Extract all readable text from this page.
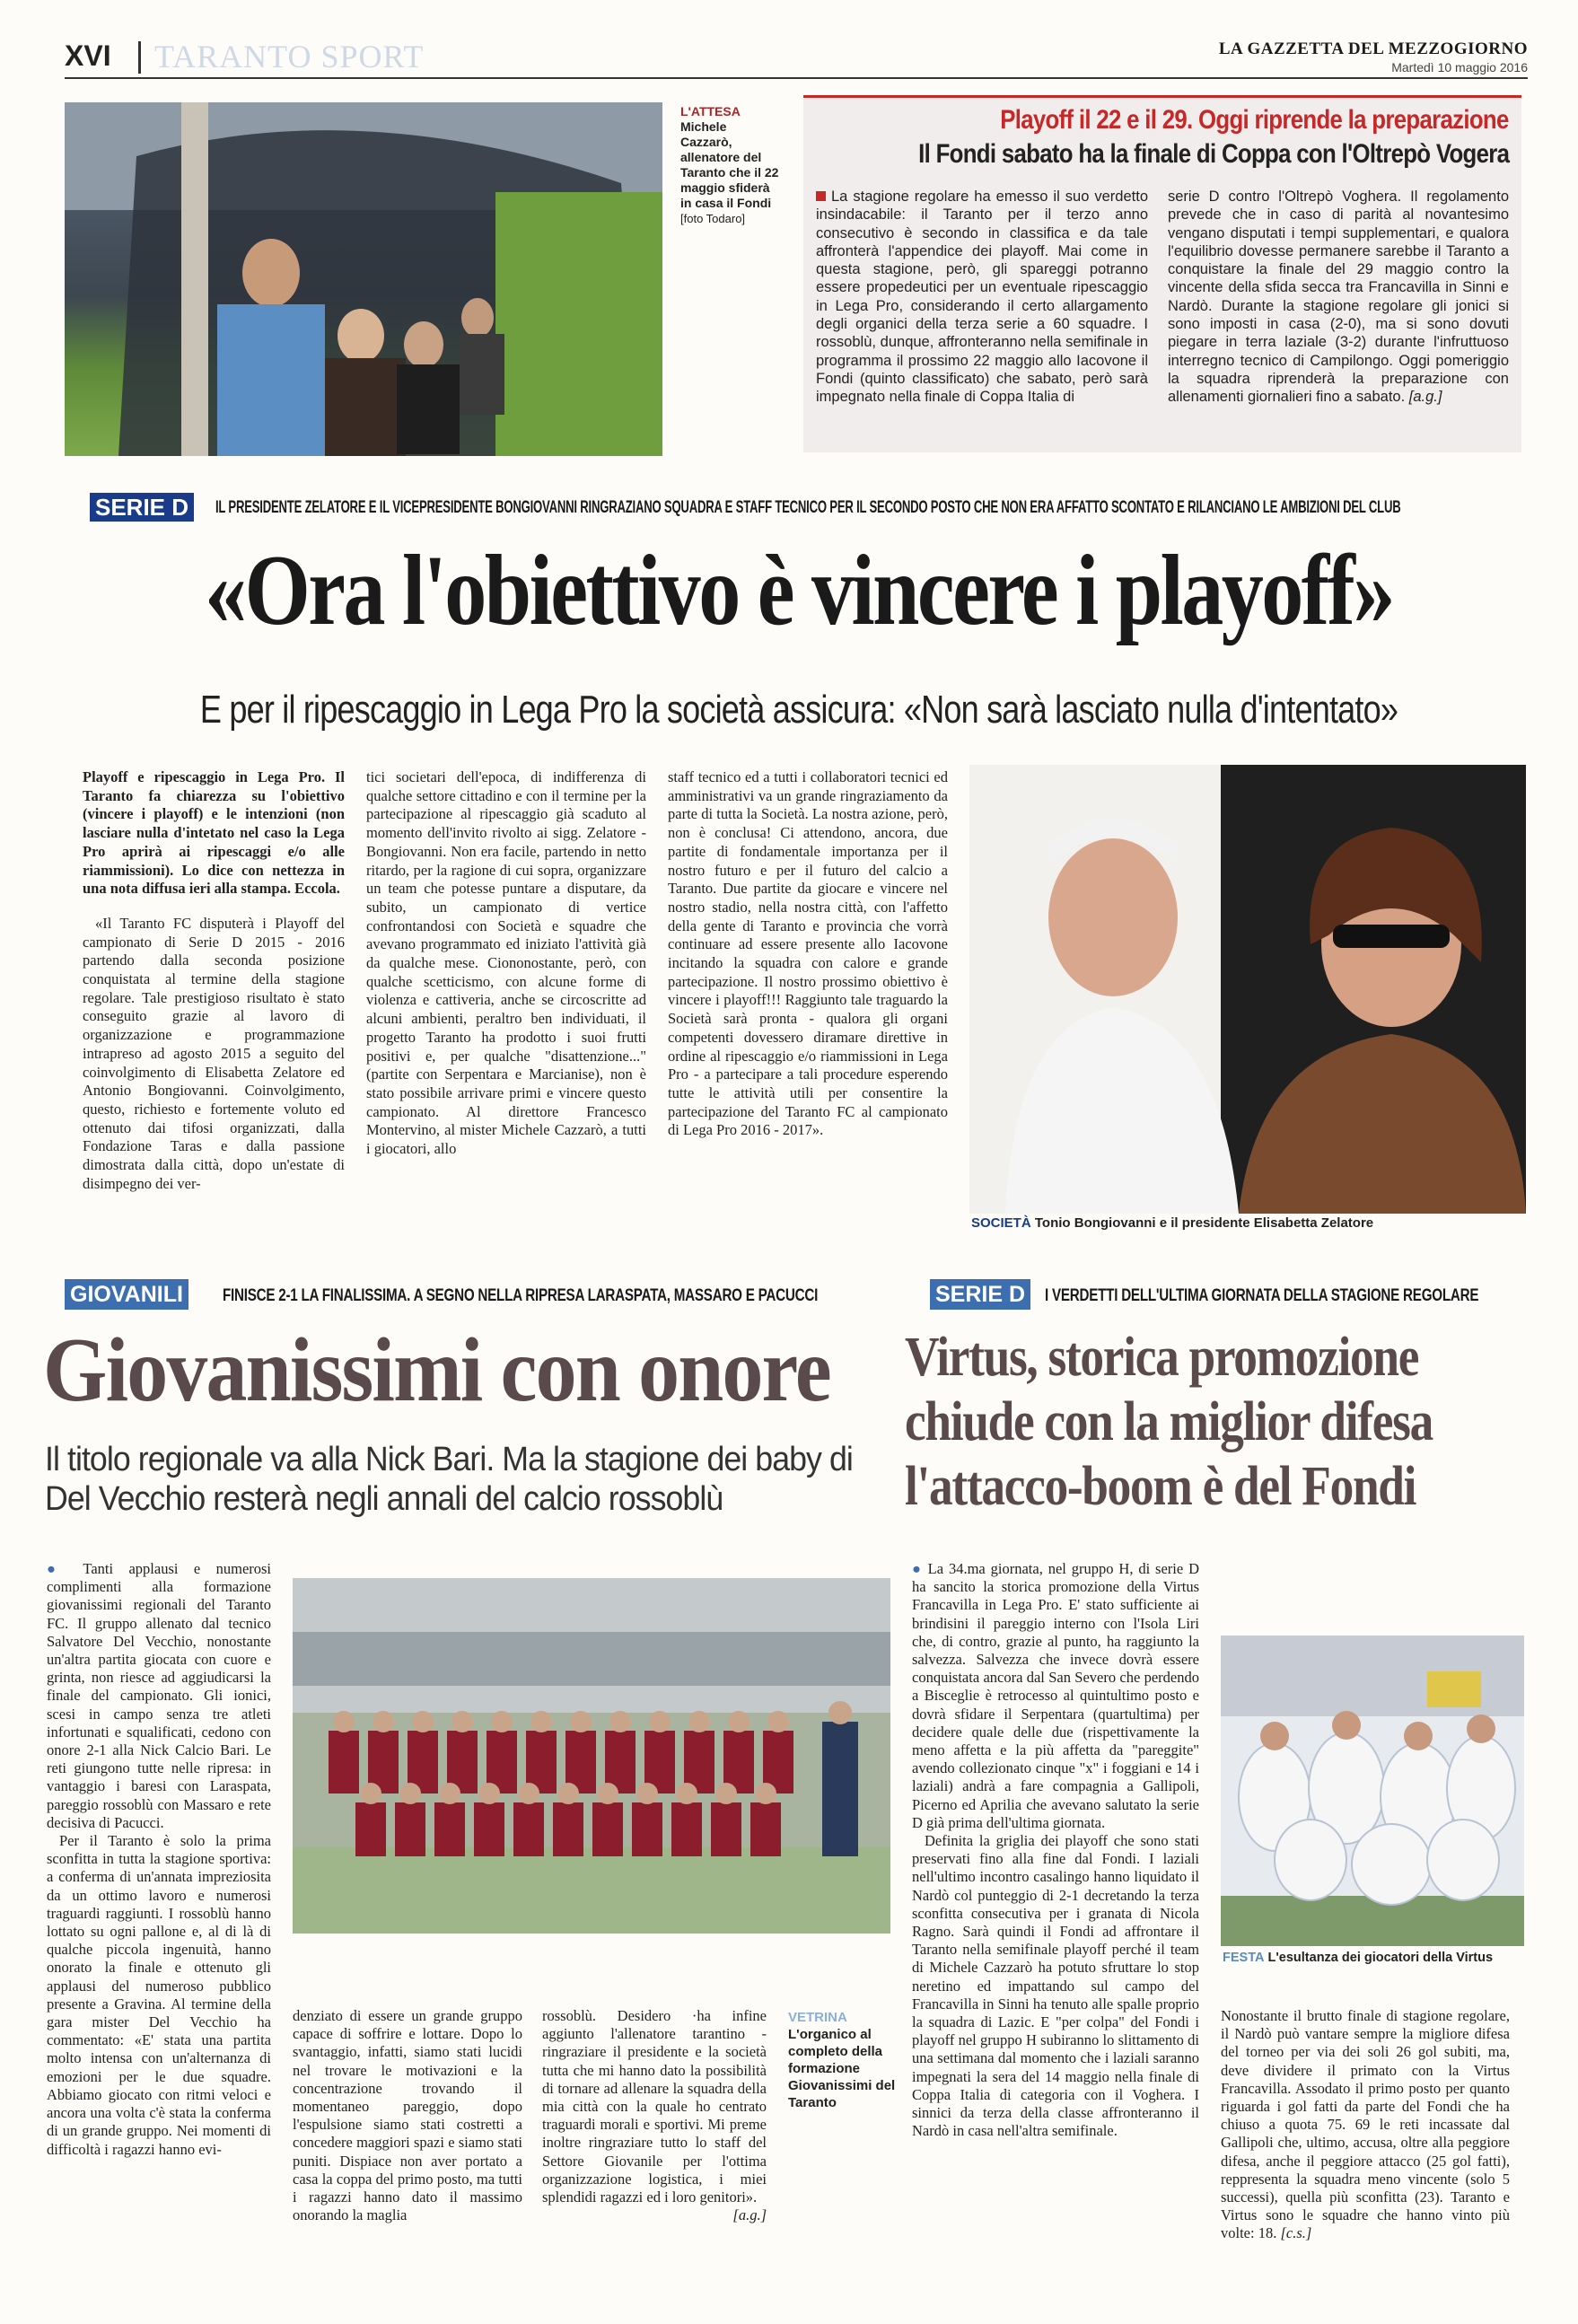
XVI TARANTO SPORT	LA GAZZETTA DEL MEZZOGIORNO
Martedì 10 maggio 2016
L'ATTESA
Michele Cazzarò, allenatore del Taranto che il 22 maggio sfiderà in casa il Fondi
[foto Todaro]
Playoff il 22 e il 29. Oggi riprende la preparazione
Il Fondi sabato ha la finale di Coppa con l'Oltrepò Vogera

La stagione regolare ha emesso il suo verdetto insindacabile: il Taranto per il terzo anno consecutivo è secondo in classifica e da tale affronterà l'appendice dei playoff. Mai come in questa stagione, però, gli spareggi potranno essere propedeutici per un eventuale ripescaggio in Lega Pro, considerando il certo allargamento degli organici della terza serie a 60 squadre. I rossoblù, dunque, affronteranno nella semifinale in programma il prossimo 22 maggio allo Iacovone il Fondi (quinto classificato) che sabato, però sarà impegnato nella finale di Coppa Italia di

serie D contro l'Oltrepò Voghera. Il regolamento prevede che in caso di parità al novantesimo vengano disputati i tempi supplementari, e qualora l'equilibrio dovesse permanere sarebbe il Taranto a conquistare la finale del 29 maggio contro la vincente della sfida secca tra Francavilla in Sinni e Nardò. Durante la stagione regolare gli jonici si sono imposti in casa (2-0), ma si sono dovuti piegare in terra laziale (3-2) durante l'infruttuoso interregno tecnico di Campilongo. Oggi pomeriggio la squadra riprenderà la preparazione con allenamenti giornalieri fino a sabato. [a.g.]

SERIE D IL PRESIDENTE ZELATORE E IL VICEPRESIDENTE BONGIOVANNI RINGRAZIANO SQUADRA E STAFF TECNICO PER IL SECONDO POSTO CHE NON ERA AFFATTO SCONTATO E RILANCIANO LE AMBIZIONI DEL CLUB
«Ora l'obiettivo è vincere i playoff»
E per il ripescaggio in Lega Pro la società assicura: «Non sarà lasciato nulla d'intentato»

Playoff e ripescaggio in Lega Pro. Il Taranto fa chiarezza su l'obiettivo (vincere i playoff) e le intenzioni (non lasciare nulla d'intetato nel caso la Lega Pro aprirà ai ripescaggi e/o alle riammissioni). Lo dice con nettezza in una nota diffusa ieri alla stampa. Eccola.

«Il Taranto FC disputerà i Playoff del campionato di Serie D 2015 - 2016 partendo dalla seconda posizione conquistata al termine della stagione regolare. Tale prestigioso risultato è stato conseguito grazie al lavoro di organizzazione e programmazione intrapreso ad agosto 2015 a seguito del coinvolgimento di Elisabetta Zelatore ed Antonio Bongiovanni. Coinvolgimento, questo, richiesto e fortemente voluto ed ottenuto dai tifosi organizzati, dalla Fondazione Taras e dalla passione dimostrata dalla città, dopo un'estate di disimpegno dei ver-

tici societari dell'epoca, di indifferenza di qualche settore cittadino e con il termine per la partecipazione al ripescaggio già scaduto al momento dell'invito rivolto ai sigg. Zelatore - Bongiovanni. Non era facile, partendo in netto ritardo, per la ragione di cui sopra, organizzare un team che potesse puntare a disputare, da subito, un campionato di vertice confrontandosi con Società e squadre che avevano programmato ed iniziato l'attività già da qualche mese. Ciononostante, però, con qualche scetticismo, con alcune forme di violenza e cattiveria, anche se circoscritte ad alcuni ambienti, peraltro ben individuati, il progetto Taranto ha prodotto i suoi frutti positivi e, per qualche "disattenzione..." (partite con Serpentara e Marcianise), non è stato possibile arrivare primi e vincere questo campionato. Al direttore Francesco Montervino, al mister Michele Cazzarò, a tutti i giocatori, allo

staff tecnico ed a tutti i collaboratori tecnici ed amministrativi va un grande ringraziamento da parte di tutta la Società. La nostra azione, però, non è conclusa! Ci attendono, ancora, due partite di fondamentale importanza per il nostro futuro e per il futuro del calcio a Taranto. Due partite da giocare e vincere nel nostro stadio, nella nostra città, con l'affetto della gente di Taranto e provincia che vorrà continuare ad essere presente allo Iacovone incitando la squadra con calore e grande partecipazione. Il nostro prossimo obiettivo è vincere i playoff!!! Raggiunto tale traguardo la Società sarà pronta - qualora gli organi competenti dovessero diramare direttive in ordine al ripescaggio e/o riammissioni in Lega Pro - a partecipare a tali procedure esperendo tutte le attività utili per consentire la partecipazione del Taranto FC al campionato di Lega Pro 2016 - 2017».

SOCIETÀ Tonio Bongiovanni e il presidente Elisabetta Zelatore
GIOVANILI FINISCE 2-1 LA FINALISSIMA. A SEGNO NELLA RIPRESA LARASPATA, MASSARO E PACUCCI
Giovanissimi con onore
Il titolo regionale va alla Nick Bari. Ma la stagione dei baby di Del Vecchio resterà negli annali del calcio rossoblù

● Tanti applausi e numerosi complimenti alla formazione giovanissimi regionali del Taranto FC. Il gruppo allenato dal tecnico Salvatore Del Vecchio, nonostante un'altra partita giocata con cuore e grinta, non riesce ad aggiudicarsi la finale del campionato. Gli ionici, scesi in campo senza tre atleti infortunati e squalificati, cedono con onore 2-1 alla Nick Calcio Bari. Le reti giungono tutte nelle ripresa: in vantaggio i baresi con Laraspata, pareggio rossoblù con Massaro e rete decisiva di Pacucci.

Per il Taranto è solo la prima sconfitta in tutta la stagione sportiva: a conferma di un'annata impreziosita da un ottimo lavoro e numerosi traguardi raggiunti. I rossoblù hanno lottato su ogni pallone e, al di là di qualche piccola ingenuità, hanno onorato la finale e ottenuto gli applausi del numeroso pubblico presente a Gravina. Al termine della gara mister Del Vecchio ha commentato: «E' stata una partita molto intensa con un'alternanza di emozioni per le due squadre. Abbiamo giocato con ritmi veloci e ancora una volta c'è stata la conferma di un grande gruppo. Nei momenti di difficoltà i ragazzi hanno evi-

denziato di essere un grande gruppo capace di soffrire e lottare. Dopo lo svantaggio, infatti, siamo stati lucidi nel trovare le motivazioni e la concentrazione trovando il momentaneo pareggio, dopo l'espulsione siamo stati costretti a concedere maggiori spazi e siamo stati puniti. Dispiace non aver portato a casa la coppa del primo posto, ma tutti i ragazzi hanno dato il massimo onorando la maglia

rossoblù. Desidero ·ha infine aggiunto l'allenatore tarantino - ringraziare il presidente e la società tutta che mi hanno dato la possibilità di tornare ad allenare la squadra della mia città con la quale ho centrato traguardi morali e sportivi. Mi preme inoltre ringraziare tutto lo staff del Settore Giovanile per l'ottima organizzazione logistica, i miei splendidi ragazzi ed i loro genitori».
[a.g.]

VETRINA
L'organico al completo della formazione Giovanissimi del Taranto
SERIE D I VERDETTI DELL'ULTIMA GIORNATA DELLA STAGIONE REGOLARE
Virtus, storica promozione
chiude con la miglior difesa
l'attacco-boom è del Fondi

● La 34.ma giornata, nel gruppo H, di serie D ha sancito la storica promozione della Virtus Francavilla in Lega Pro. E' stato sufficiente ai brindisini il pareggio interno con l'Isola Liri che, di contro, grazie al punto, ha raggiunto la salvezza. Salvezza che invece dovrà essere conquistata ancora dal San Severo che perdendo a Bisceglie è retrocesso al quintultimo posto e dovrà sfidare il Serpentara (quartultima) per decidere quale delle due (rispettivamente la meno affetta e la più affetta da "pareggite" avendo collezionato cinque "x" i foggiani e 14 i laziali) andrà a fare compagnia a Gallipoli, Picerno ed Aprilia che avevano salutato la serie D già prima dell'ultima giornata.

Definita la griglia dei playoff che sono stati preservati fino alla fine dal Fondi. I laziali nell'ultimo incontro casalingo hanno liquidato il Nardò col punteggio di 2-1 decretando la terza sconfitta consecutiva per i granata di Nicola Ragno. Sarà quindi il Fondi ad affrontare il Taranto nella semifinale playoff perché il team di Michele Cazzarò ha potuto sfruttare lo stop neretino ed impattando sul campo del Francavilla in Sinni ha tenuto alle spalle proprio la squadra di Lazic. E "per colpa" del Fondi i playoff nel gruppo H subiranno lo slittamento di una settimana dal momento che i laziali saranno impegnati la sera del 14 maggio nella finale di Coppa Italia di categoria con il Voghera. I sinnici da terza della classe affronteranno il Nardò in casa nell'altra semifinale.

FESTA L'esultanza dei giocatori della Virtus

Nonostante il brutto finale di stagione regolare, il Nardò può vantare sempre la migliore difesa del torneo per via dei soli 26 gol subiti, ma, deve dividere il primato con la Virtus Francavilla. Assodato il primo posto per quanto riguarda i gol fatti da parte del Fondi che ha chiuso a quota 75. 69 le reti incassate dal Gallipoli che, ultimo, accusa, oltre alla peggiore difesa, anche il peggiore attacco (25 gol fatti), reppresenta la squadra meno vincente (solo 5 successi), quella più sconfitta (23). Taranto e Virtus sono le squadre che hanno vinto più volte: 18. [c.s.]
